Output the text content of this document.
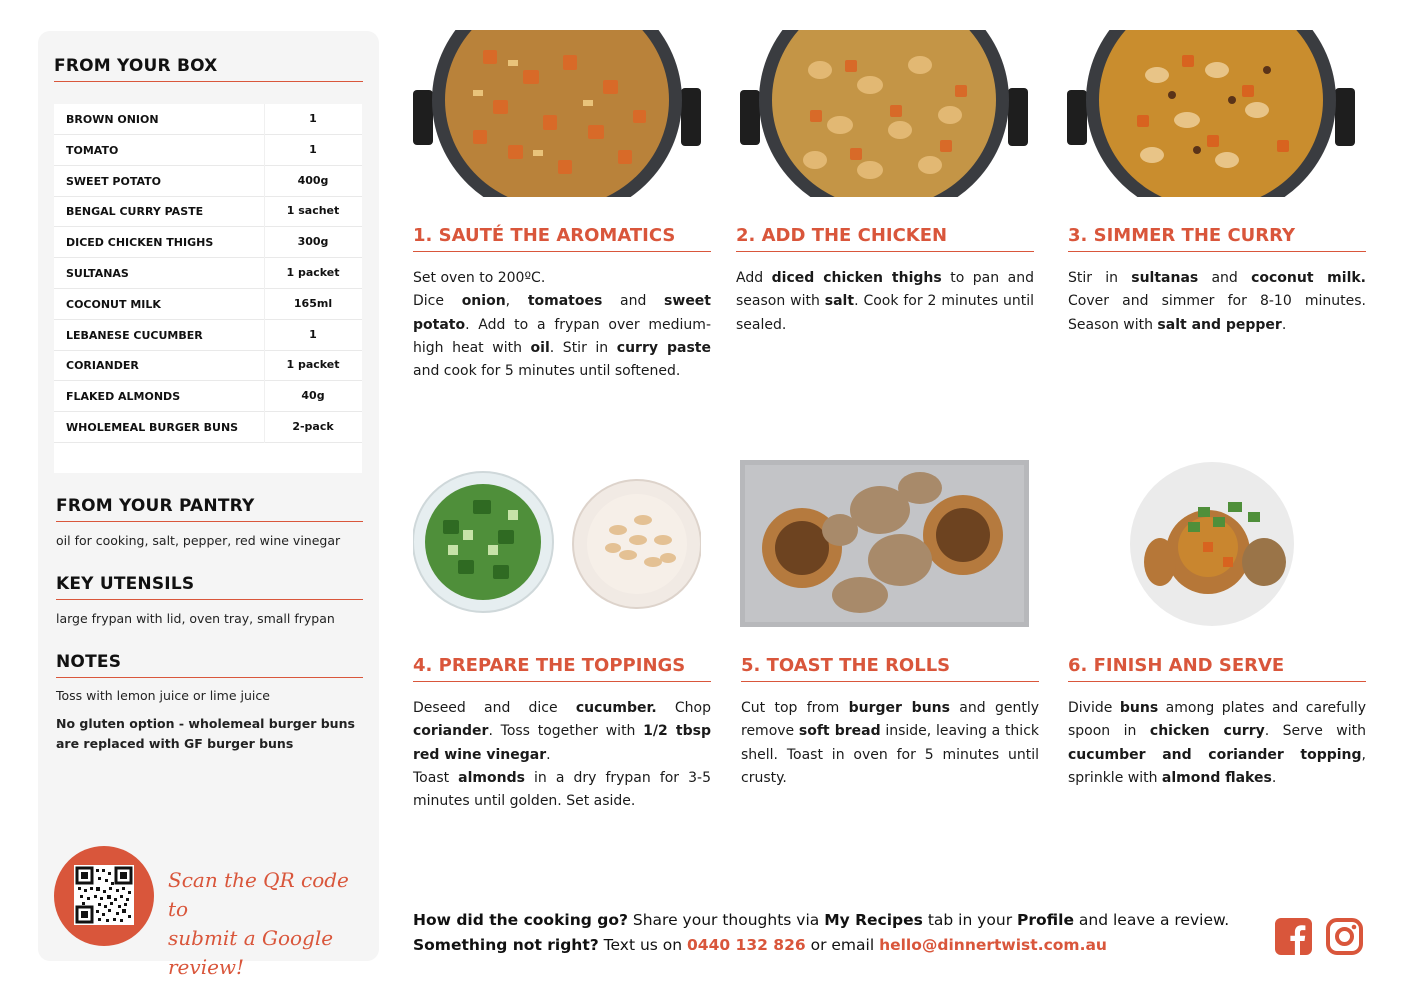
FROM YOUR BOX
BROWN ONION	1
TOMATO	1
SWEET POTATO	400g
BENGAL CURRY PASTE	1 sachet
DICED CHICKEN THIGHS	300g
SULTANAS	1 packet
COCONUT MILK	165ml
LEBANESE CUCUMBER	1
CORIANDER	1 packet
FLAKED ALMONDS	40g
WHOLEMEAL BURGER BUNS	2-pack
FROM YOUR PANTRY
oil for cooking, salt, pepper, red wine vinegar
KEY UTENSILS
large frypan with lid, oven tray, small frypan
NOTES
Toss with lemon juice or lime juice
No gluten option - wholemeal burger buns are replaced with GF burger buns
Scan the QR code to
submit a Google review!
1. SAUTÉ THE AROMATICS
Set oven to 200ºC.
Dice onion, tomatoes and sweet potato. Add to a frypan over medium-high heat with oil. Stir in curry paste and cook for 5 minutes until softened.
2. ADD THE CHICKEN
Add diced chicken thighs to pan and season with salt. Cook for 2 minutes until sealed.
3. SIMMER THE CURRY
Stir in sultanas and coconut milk. Cover and simmer for 8-10 minutes. Season with salt and pepper.
4. PREPARE THE TOPPINGS
Deseed and dice cucumber. Chop coriander. Toss together with 1/2 tbsp red wine vinegar.
Toast almonds in a dry frypan for 3-5 minutes until golden. Set aside.
5. TOAST THE ROLLS
Cut top from burger buns and gently remove soft bread inside, leaving a thick shell. Toast in oven for 5 minutes until crusty.
6. FINISH AND SERVE
Divide buns among plates and carefully spoon in chicken curry. Serve with cucumber and coriander topping, sprinkle with almond flakes.
How did the cooking go? Share your thoughts via My Recipes tab in your Profile and leave a review.
Something not right? Text us on 0440 132 826 or email hello@dinnertwist.com.au
